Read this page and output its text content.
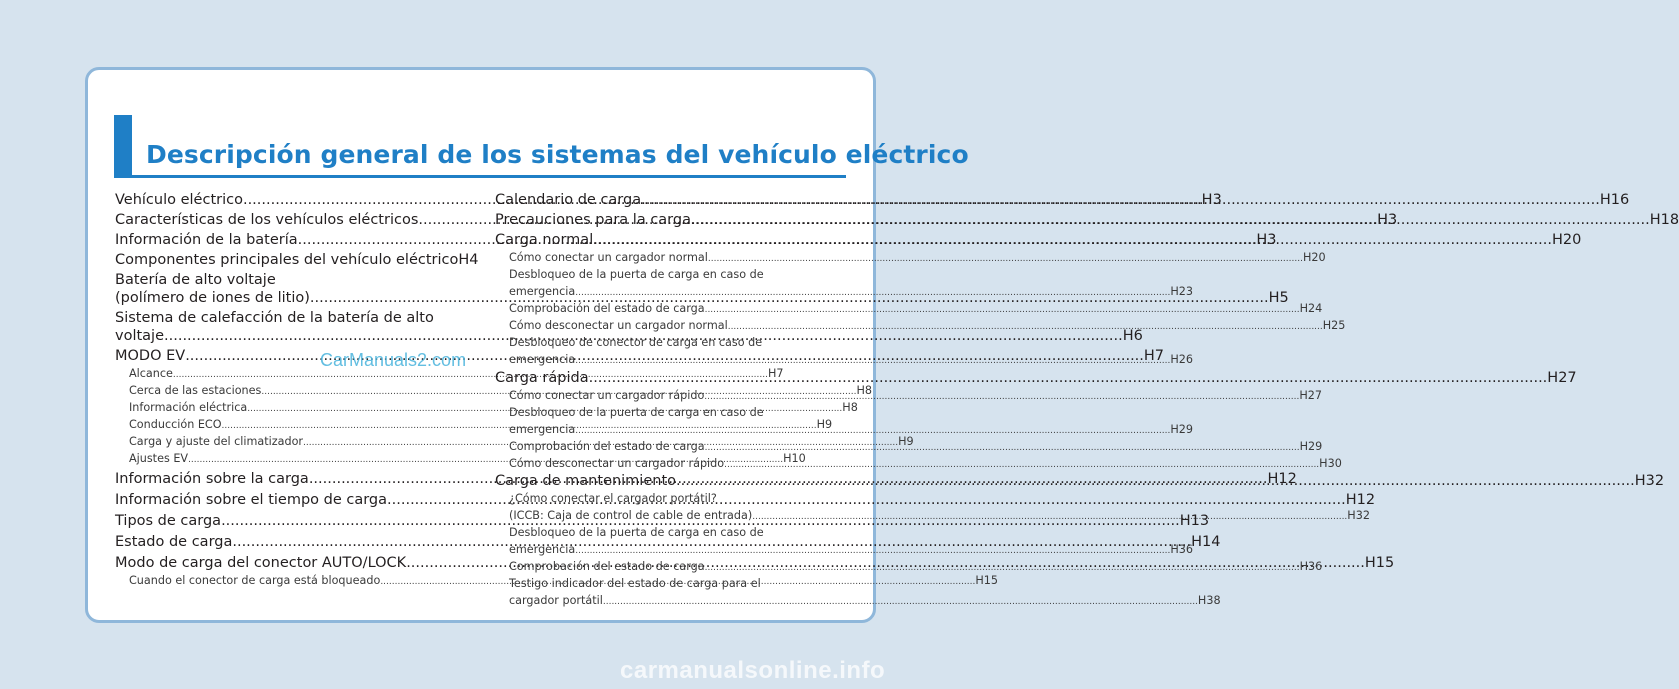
Descripción general de los sistemas del vehículo eléctrico
Vehículo eléctrico .....	H3
Características de los vehículos eléctricos .....	H3
Información de la batería .....	H3
Componentes principales del vehículo eléctrico H4
Batería de alto voltaje
(polímero de iones de litio) .....	H5
Sistema de calefacción de la batería de alto
voltaje .....	H6
MODO EV .....	H7
Alcance .....	H7
Cerca de las estaciones .....	H8
Información eléctrica .....	H8
Conducción ECO .....	H9
Carga y ajuste del climatizador .....	H9
Ajustes EV .....	H10
Información sobre la carga .....	H12
Información sobre el tiempo de carga .....	H12
Tipos de carga .....	H13
Estado de carga .....	H14
Modo de carga del conector AUTO/LOCK .....	H15
Cuando el conector de carga está bloqueado .....	H15
Calendario de carga .....	H16
Precauciones para la carga .....	H18
Carga normal .....	H20
Cómo conectar un cargador normal .....	H20
Desbloqueo de la puerta de carga en caso de
emergencia .....	H23
Comprobación del estado de carga .....	H24
Cómo desconectar un cargador normal .....	H25
Desbloqueo de conector de carga en caso de
emergencia .....	H26
Carga rápida .....	H27
Cómo conectar un cargador rápido .....	H27
Desbloqueo de la puerta de carga en caso de
emergencia .....	H29
Comprobación del estado de carga .....	H29
Cómo desconectar un cargador rápido .....	H30
Carga de mantenimiento .....	H32
¿Cómo conectar el cargador portátil?
(ICCB: Caja de control de cable de entrada) .....	H32
Desbloqueo de la puerta de carga en caso de
emergencia .....	H36
Comprobación del estado de carga .....	H36
Testigo indicador del estado de carga para el
cargador portátil .....	H38
CarManuals2.com
carmanualsonline.info
